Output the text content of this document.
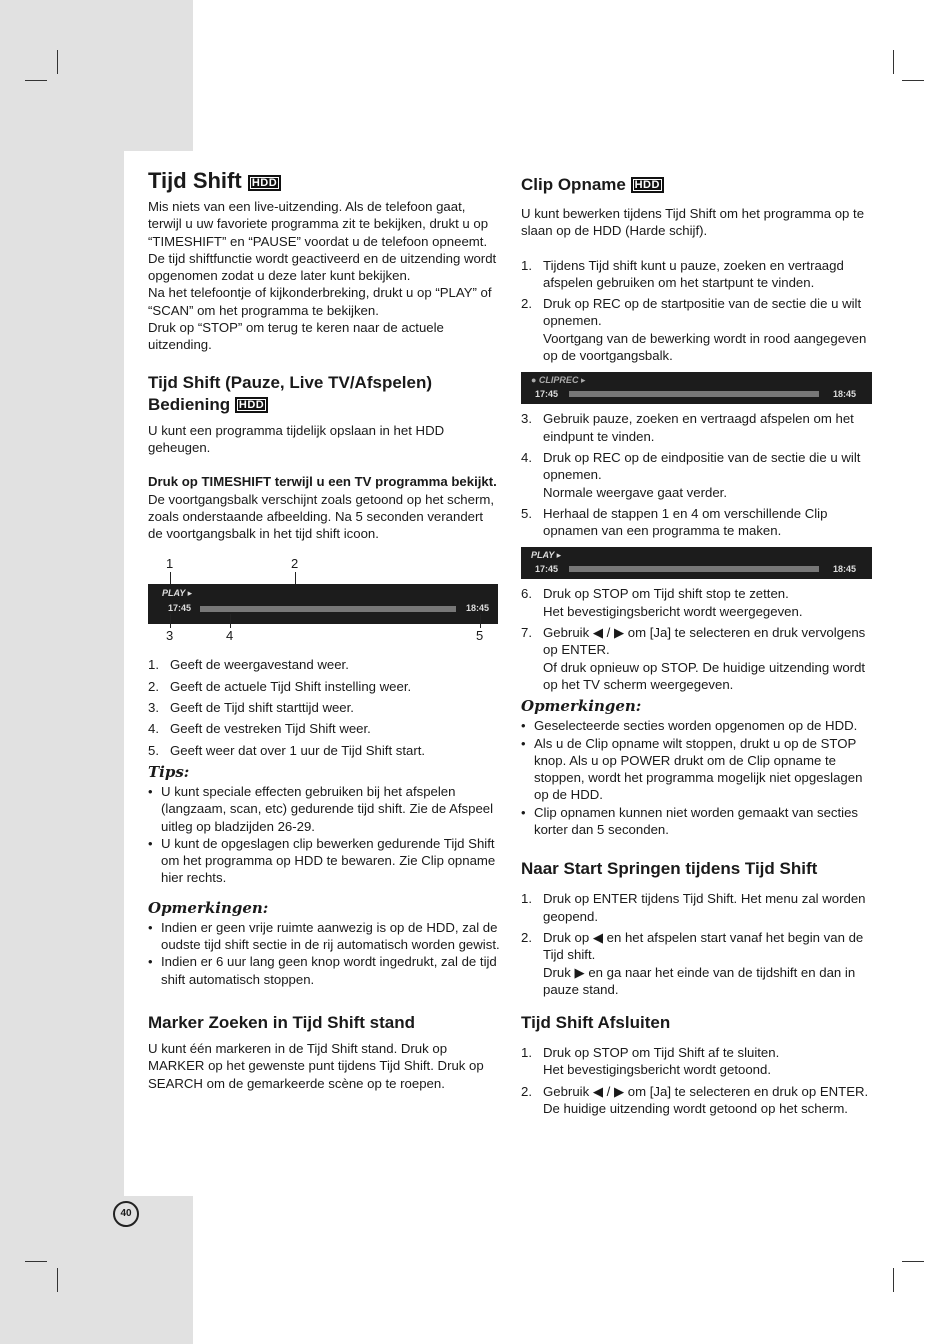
Tijd Shift HDD

Mis niets van een live-uitzending. Als de telefoon gaat, terwijl u uw favoriete programma zit te bekijken, drukt u op “TIMESHIFT” en “PAUSE” voordat u de telefoon opneemt. De tijd shiftfunctie wordt geactiveerd en de uitzending wordt opgenomen zodat u deze later kunt bekijken.

Na het telefoontje of kijkonderbreking, drukt u op “PLAY” of “SCAN” om het programma te bekijken.

Druk op “STOP” om terug te keren naar de actuele uitzending.

Tijd Shift (Pauze, Live TV/Afspelen)
Bediening HDD

U kunt een programma tijdelijk opslaan in het HDD geheugen.

Druk op TIMESHIFT terwijl u een TV programma bekijkt.

De voortgangsbalk verschijnt zoals getoond op het scherm, zoals onderstaande afbeelding. Na 5 seconden verandert de voortgangsbalk in het tijd shift icoon.

1	2
PLAY ▸
17:45	18:45
3	4	5
1. Geeft de weergavestand weer.
2. Geeft de actuele Tijd Shift instelling weer.
3. Geeft de Tijd shift starttijd weer.
4. Geeft de vestreken Tijd Shift weer.
5. Geeft weer dat over 1 uur de Tijd Shift start.
Tips:
• U kunt speciale effecten gebruiken bij het afspelen (langzaam, scan, etc) gedurende tijd shift. Zie de Afspeel uitleg op bladzijden 26-29.
• U kunt de opgeslagen clip bewerken gedurende Tijd Shift om het programma op HDD te bewaren. Zie Clip opname hier rechts.
Opmerkingen:
• Indien er geen vrije ruimte aanwezig is op de HDD, zal de oudste tijd shift sectie in de rij automatisch worden gewist.
• Indien er 6 uur lang geen knop wordt ingedrukt, zal de tijd shift automatisch stoppen.
Marker Zoeken in Tijd Shift stand

U kunt één markeren in de Tijd Shift stand. Druk op MARKER op het gewenste punt tijdens Tijd Shift. Druk op SEARCH om de gemarkeerde scène op te roepen.

Clip Opname HDD

U kunt bewerken tijdens Tijd Shift om het programma op te slaan op de HDD (Harde schijf).

1. Tijdens Tijd shift kunt u pauze, zoeken en vertraagd afspelen gebruiken om het startpunt te vinden.
2. Druk op REC op de startpositie van de sectie die u wilt opnemen.
Voortgang van de bewerking wordt in rood aangegeven op de voortgangsbalk.
● CLIPREC ▸
17:45	18:45
3. Gebruik pauze, zoeken en vertraagd afspelen om het eindpunt te vinden.
4. Druk op REC op de eindpositie van de sectie die u wilt opnemen.
Normale weergave gaat verder.
5. Herhaal de stappen 1 en 4 om verschillende Clip opnamen van een programma te maken.
PLAY ▸
17:45	18:45
6. Druk op STOP om Tijd shift stop te zetten.
Het bevestigingsbericht wordt weergegeven.
7. Gebruik ◀ / ▶ om [Ja] te selecteren en druk vervolgens op ENTER.
Of druk opnieuw op STOP. De huidige uitzending wordt op het TV scherm weergegeven.
Opmerkingen:
• Geselecteerde secties worden opgenomen op de HDD.
• Als u de Clip opname wilt stoppen, drukt u op de STOP knop. Als u op POWER drukt om de Clip opname te stoppen, wordt het programma mogelijk niet opgeslagen op de HDD.
• Clip opnamen kunnen niet worden gemaakt van secties korter dan 5 seconden.
Naar Start Springen tijdens Tijd Shift
1. Druk op ENTER tijdens Tijd Shift. Het menu zal worden geopend.
2. Druk op ◀ en het afspelen start vanaf het begin van de Tijd shift.
Druk ▶ en ga naar het einde van de tijdshift en dan in pauze stand.
Tijd Shift Afsluiten
1. Druk op STOP om Tijd Shift af te sluiten.
Het bevestigingsbericht wordt getoond.
2. Gebruik ◀ / ▶ om [Ja] te selecteren en druk op ENTER. De huidige uitzending wordt getoond op het scherm.
40
